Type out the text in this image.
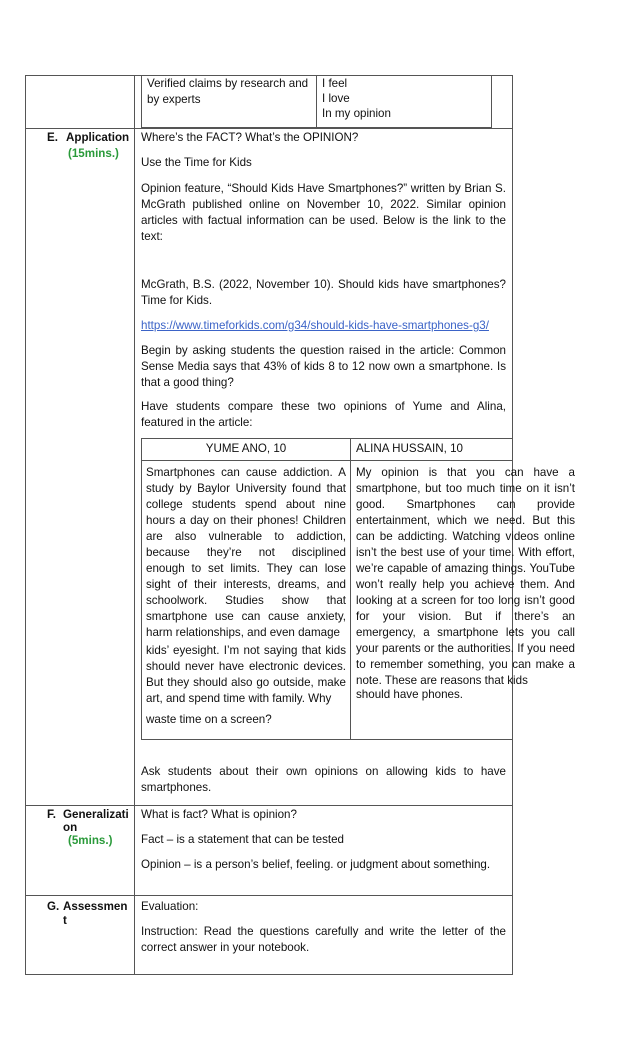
Verified claims by research and by experts
I feel
I love
In my opinion
E. Application
(15mins.)
Where’s the FACT? What’s the OPINION?
Use the Time for Kids
Opinion feature, “Should Kids Have Smartphones?” written by Brian S. McGrath published online on November 10, 2022. Similar opinion articles with factual information can be used. Below is the link to the text:
McGrath, B.S. (2022, November 10). Should kids have smartphones? Time for Kids.
https://www.timeforkids.com/g34/should-kids-have-smartphones-g3/
Begin by asking students the question raised in the article: Common Sense Media says that 43% of kids 8 to 12 now own a smartphone. Is that a good thing?
Have students compare these two opinions of Yume and Alina, featured in the article:
YUME ANO, 10	ALINA HUSSAIN, 10
Smartphones can cause addiction. A study by Baylor University found that college students spend about nine hours a day on their phones! Children are also vulnerable to addiction, because they’re not disciplined enough to set limits. They can lose sight of their interests, dreams, and schoolwork. Studies show that smartphone use can cause anxiety, harm relationships, and even damage
kids’ eyesight. I’m not saying that kids should never have electronic devices. But they should also go outside, make art, and spend time with family. Why
waste time on a screen?
My opinion is that you can have a smartphone, but too much time on it isn’t good. Smartphones can provide entertainment, which we need. But this can be addicting. Watching videos online isn’t the best use of your time. With effort, we’re capable of amazing things. YouTube won’t really help you achieve them. And looking at a screen for too long isn’t good for your vision. But if there’s an emergency, a smartphone lets you call your parents or the authorities. If you need to remember something, you can make a note. These are reasons that kids
should have phones.
Ask students about their own opinions on allowing kids to have smartphones.
F. Generalizati
on
(5mins.)
What is fact? What is opinion?
Fact – is a statement that can be tested
Opinion – is a person’s belief, feeling. or judgment about something.
G. Assessmen
t
Evaluation:
Instruction: Read the questions carefully and write the letter of the correct answer in your notebook.
